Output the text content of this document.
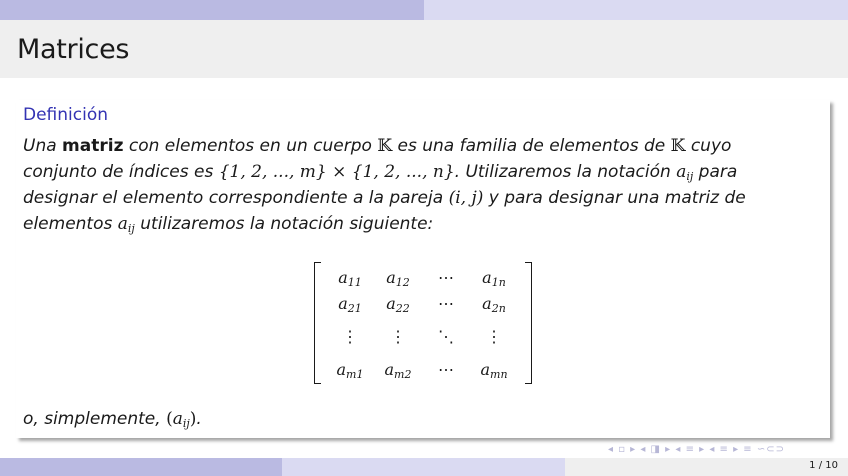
Matrices
Definición

Una matriz con elementos en un cuerpo 𝕂 es una familia de elementos de 𝕂 cuyo conjunto de índices es {1, 2, ..., m} × {1, 2, ..., n}. Utilizaremos la notación $a_{ij}$ para designar el elemento correspondiente a la pareja (i, j) y para designar una matriz de elementos $a_{ij}$ utilizaremos la notación siguiente:

$a_{11}$	$a_{12}$	⋯	$a_{1n}$
$a_{21}$	$a_{22}$	⋯	$a_{2n}$
⋮	⋮	⋱	⋮
$a_{m1}$	$a_{m2}$	⋯	$a_{mn}$

o, simplemente, $(a_{ij})$.

◂ ▫ ▸ ◂ ◨ ▸ ◂ ≡ ▸ ◂ ≡ ▸ ≡ ∽⊂⊃
1 / 10
